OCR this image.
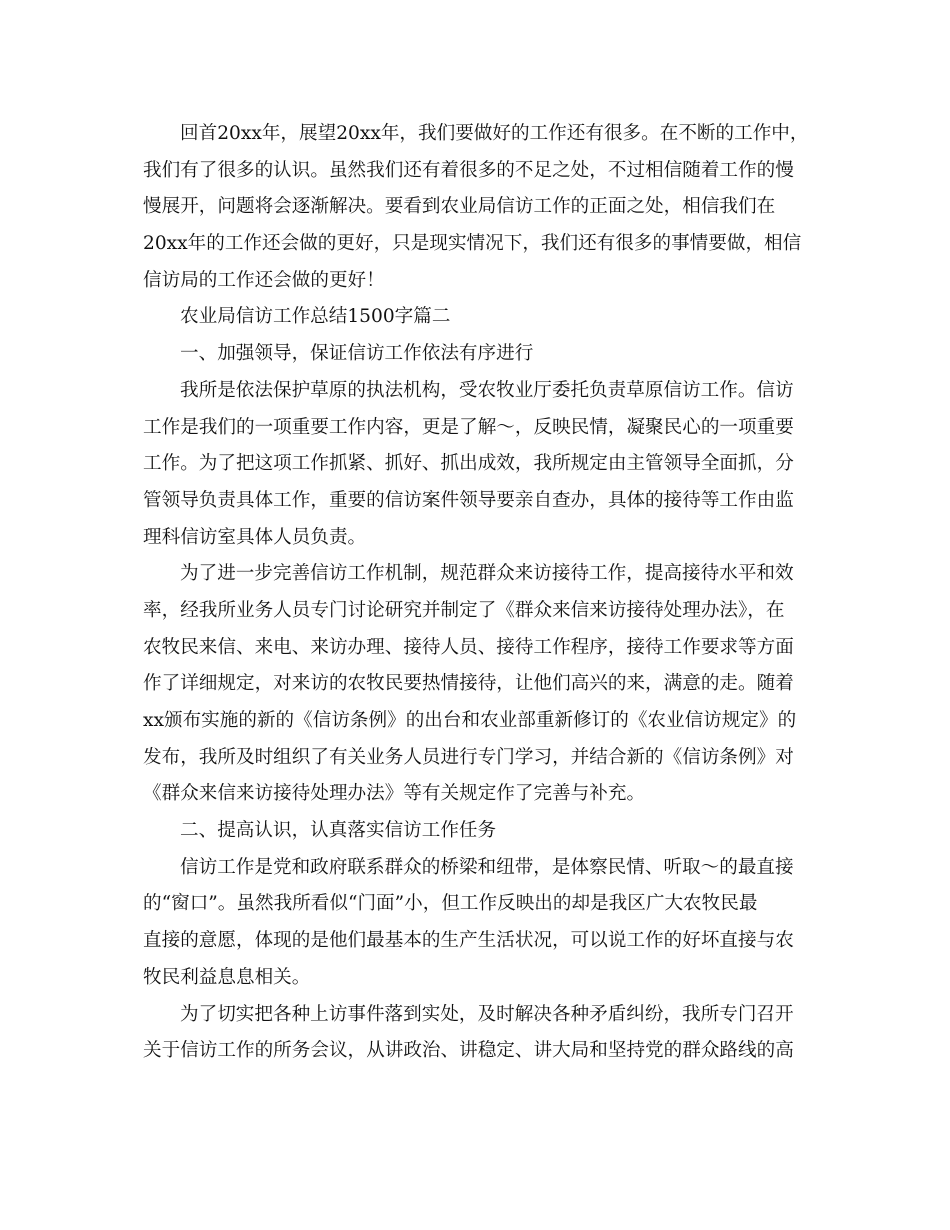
回首20xx年，展望20xx年，我们要做好的工作还有很多。在不断的工作中，
我们有了很多的认识。虽然我们还有着很多的不足之处，不过相信随着工作的慢
慢展开，问题将会逐渐解决。要看到农业局信访工作的正面之处，相信我们在
20xx年的工作还会做的更好，只是现实情况下，我们还有很多的事情要做，相信
信访局的工作还会做的更好！
农业局信访工作总结1500字篇二
一、加强领导，保证信访工作依法有序进行
我所是依法保护草原的执法机构，受农牧业厅委托负责草原信访工作。信访
工作是我们的一项重要工作内容，更是了解～，反映民情，凝聚民心的一项重要
工作。为了把这项工作抓紧、抓好、抓出成效，我所规定由主管领导全面抓，分
管领导负责具体工作，重要的信访案件领导要亲自查办，具体的接待等工作由监
理科信访室具体人员负责。
为了进一步完善信访工作机制，规范群众来访接待工作，提高接待水平和效
率，经我所业务人员专门讨论研究并制定了《群众来信来访接待处理办法》，在
农牧民来信、来电、来访办理、接待人员、接待工作程序，接待工作要求等方面
作了详细规定，对来访的农牧民要热情接待，让他们高兴的来，满意的走。随着
xx颁布实施的新的《信访条例》的出台和农业部重新修订的《农业信访规定》的
发布，我所及时组织了有关业务人员进行专门学习，并结合新的《信访条例》对
《群众来信来访接待处理办法》等有关规定作了完善与补充。
二、提高认识，认真落实信访工作任务
信访工作是党和政府联系群众的桥梁和纽带，是体察民情、听取～的最直接
的“窗口”。虽然我所看似“门面”小，但工作反映出的却是我区广大农牧民最
直接的意愿，体现的是他们最基本的生产生活状况，可以说工作的好坏直接与农
牧民利益息息相关。
为了切实把各种上访事件落到实处，及时解决各种矛盾纠纷，我所专门召开
关于信访工作的所务会议，从讲政治、讲稳定、讲大局和坚持党的群众路线的高
